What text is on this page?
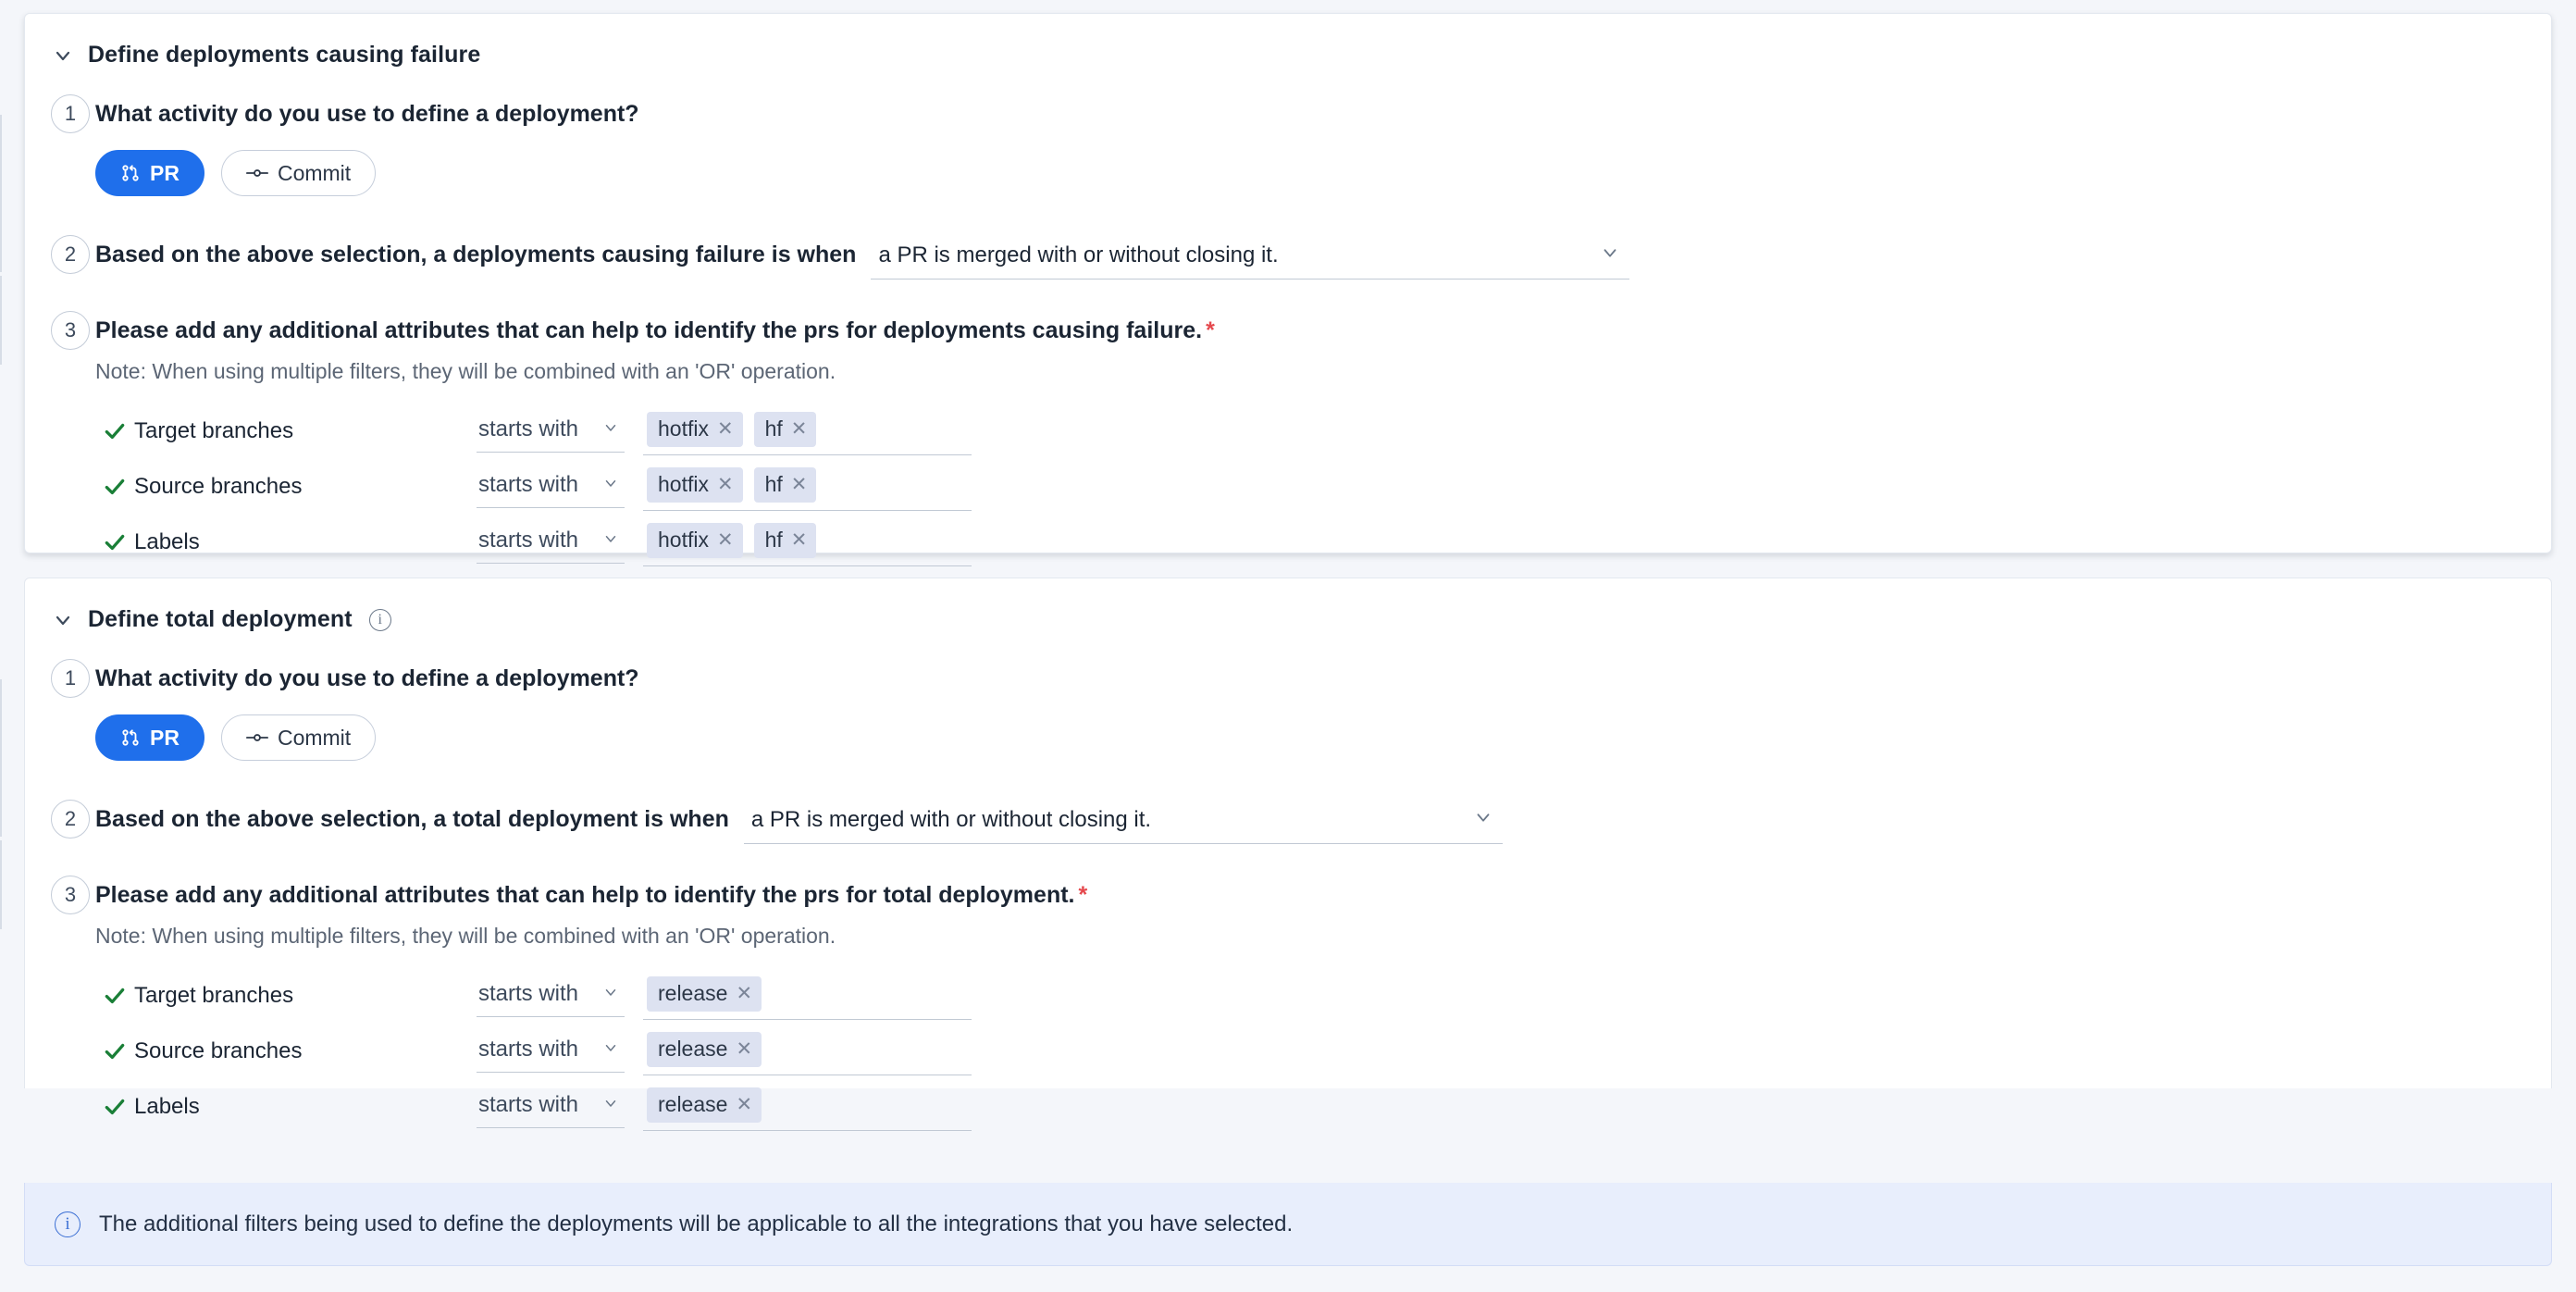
Define deployments causing failure
1 What activity do you use to define a deployment?
PR	Commit
2 Based on the above selection, a deployments causing failure is when a PR is merged with or without closing it.
3 Please add any additional attributes that can help to identify the prs for deployments causing failure. *
Note: When using multiple filters, they will be combined with an 'OR' operation.
Target branches	starts with	hotfix ✕ hf ✕
Source branches	starts with	hotfix ✕ hf ✕
Labels	starts with	hotfix ✕ hf ✕
Define total deployment	i
1 What activity do you use to define a deployment?
PR	Commit
2 Based on the above selection, a total deployment is when a PR is merged with or without closing it.
3 Please add any additional attributes that can help to identify the prs for total deployment. *
Note: When using multiple filters, they will be combined with an 'OR' operation.
Target branches	starts with	release ✕
Source branches	starts with	release ✕
Labels	starts with	release ✕
i	The additional filters being used to define the deployments will be applicable to all the integrations that you have selected.
